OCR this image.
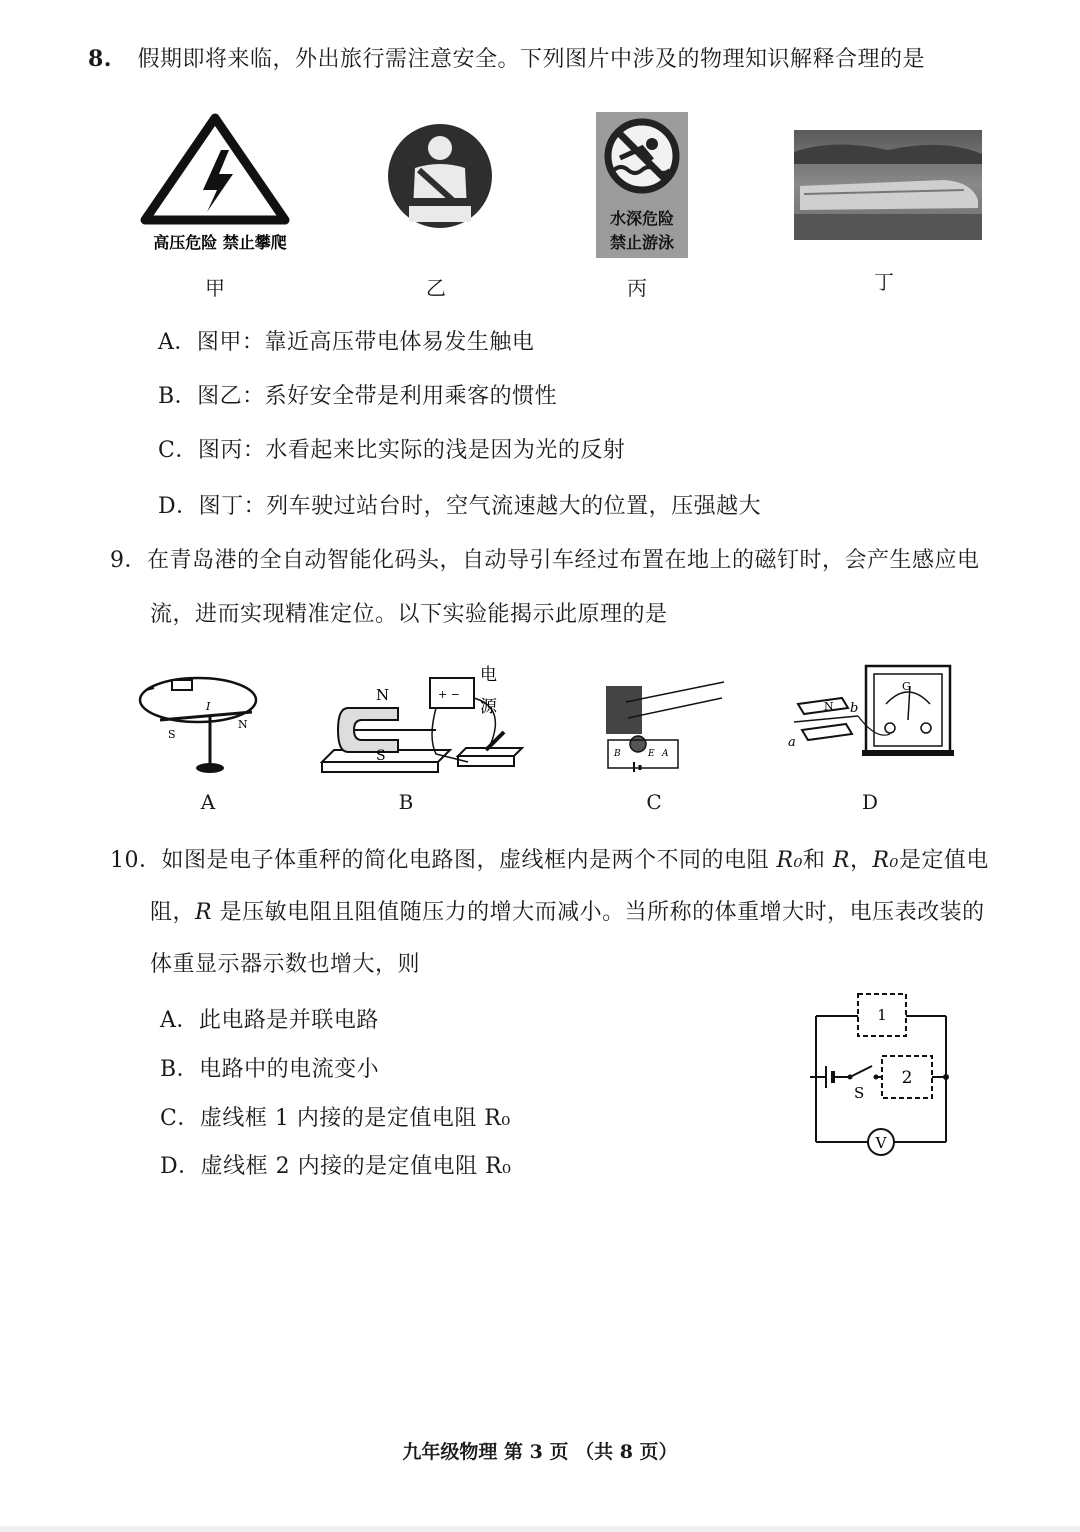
8. 假期即将来临，外出旅行需注意安全。下列图片中涉及的物理知识解释合理的是
高压危险 禁止攀爬
甲	乙
水深危险
禁止游泳
丙	丁
A．图甲：靠近高压带电体易发生触电
B．图乙：系好安全带是利用乘客的惯性
C．图丙：水看起来比实际的浅是因为光的反射
D．图丁：列车驶过站台时，空气流速越大的位置，压强越大
9．在青岛港的全自动智能化码头，自动导引车经过布置在地上的磁钉时，会产生感应电
流，进而实现精准定位。以下实验能揭示此原理的是
S
N
I
A
+ −
N
S
电
源
B
B	E A
C
a
b
N
G
D
10．如图是电子体重秤的简化电路图，虚线框内是两个不同的电阻 R₀和 R，R₀是定值电
阻，R 是压敏电阻且阻值随压力的增大而减小。当所称的体重增大时，电压表改装的
体重显示器示数也增大，则
A．此电路是并联电路
B．电路中的电流变小
C．虚线框 1 内接的是定值电阻 R₀
D．虚线框 2 内接的是定值电阻 R₀
1
S
2
V
九年级物理 第 3 页 （共 8 页）
